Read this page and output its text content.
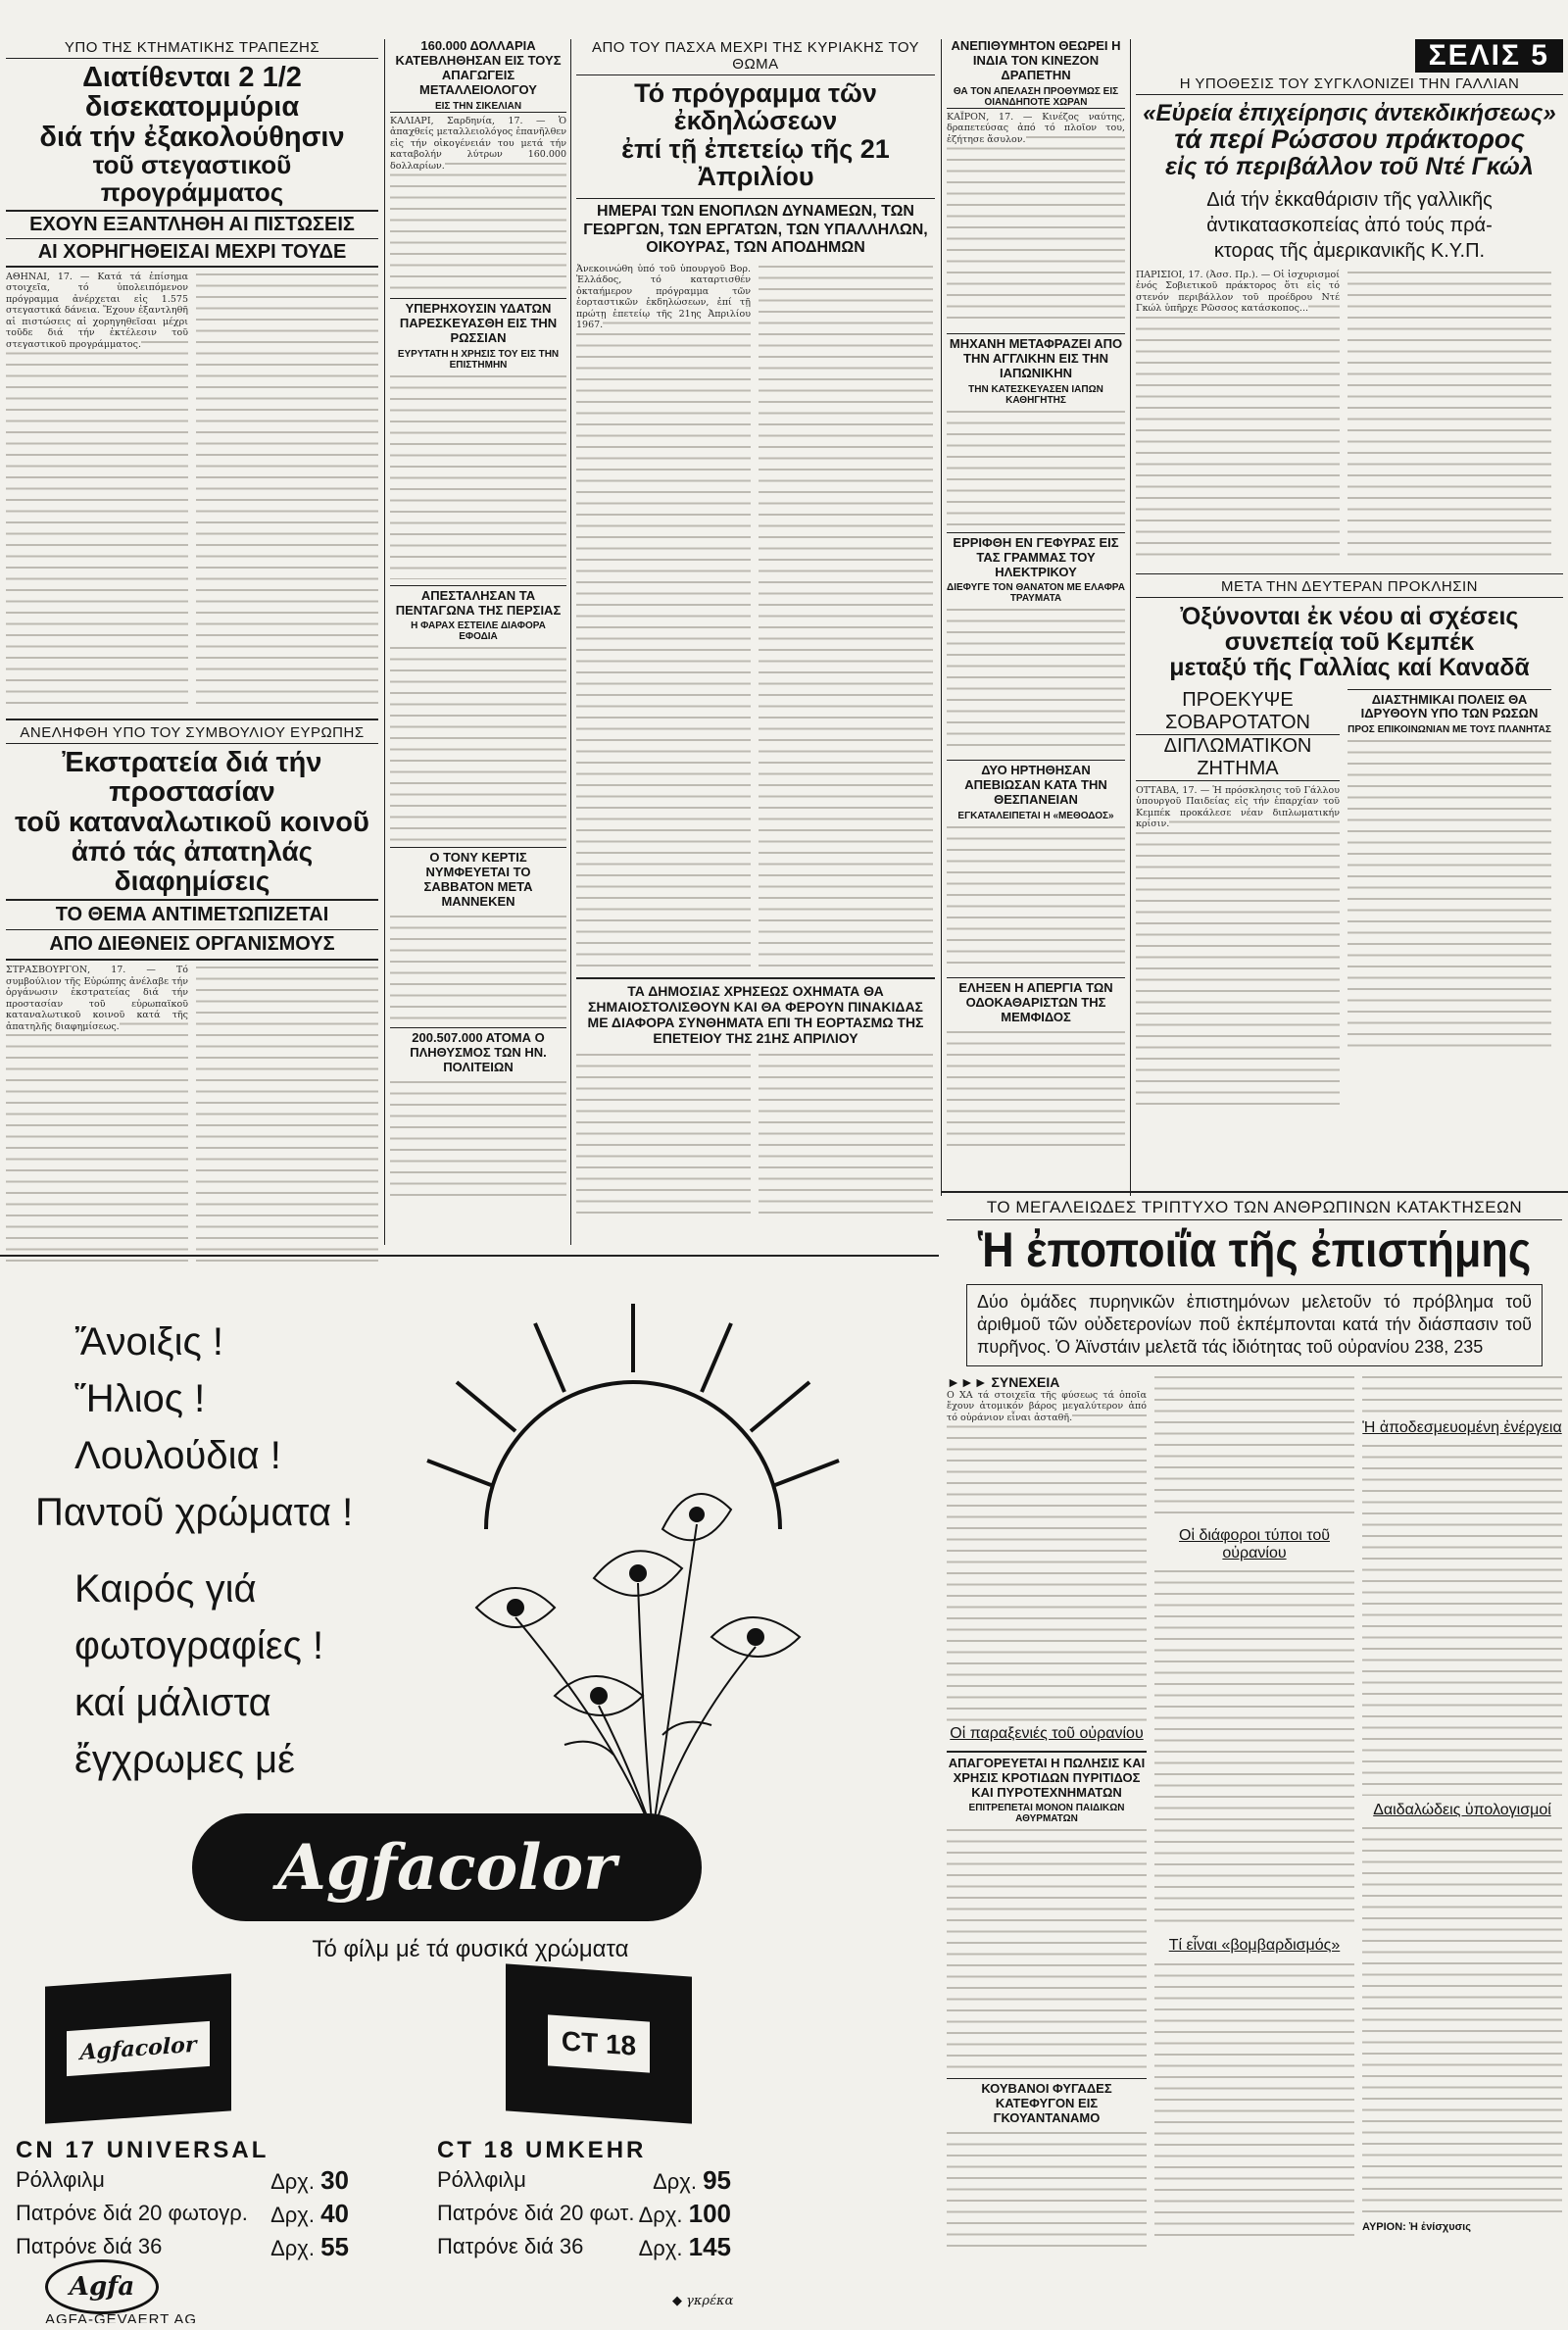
ΥΠΟ ΤΗΣ ΚΤΗΜΑΤΙΚΗΣ ΤΡΑΠΕΖΗΣ
Διατίθενται 2 1/2 δισεκατομμύρια
διά τήν ἐξακολούθησιν
τοῦ στεγαστικοῦ προγράμματος
ΕΧΟΥΝ ΕΞΑΝΤΛΗΘΗ ΑΙ ΠΙΣΤΩΣΕΙΣ
ΑΙ ΧΟΡΗΓΗΘΕΙΣΑΙ ΜΕΧΡΙ ΤΟΥΔΕ
ΑΘΗΝΑΙ, 17. — Κατά τά ἐπίσημα στοιχεῖα, τό ὑπολειπόμενον πρόγραμμα ἀνέρχεται εἰς 1.575 στεγαστικά δάνεια. Ἔχουν ἐξαντληθῆ αἱ πιστώσεις αἱ χορηγηθεῖσαι μέχρι τοῦδε διά τήν ἐκτέλεσιν τοῦ στεγαστικοῦ προγράμματος.
ΑΝΕΛΗΦΘΗ ΥΠΟ ΤΟΥ ΣΥΜΒΟΥΛΙΟΥ ΕΥΡΩΠΗΣ
Ἐκστρατεία διά τήν προστασίαν
τοῦ καταναλωτικοῦ κοινοῦ
ἀπό τάς ἀπατηλάς διαφημίσεις
ΤΟ ΘΕΜΑ ΑΝΤΙΜΕΤΩΠΙΖΕΤΑΙ
ΑΠΟ ΔΙΕΘΝΕΙΣ ΟΡΓΑΝΙΣΜΟΥΣ
ΣΤΡΑΣΒΟΥΡΓΟΝ, 17. — Τό συμβούλιον τῆς Εὐρώπης ἀνέλαβε τήν ὀργάνωσιν ἐκστρατείας διά τήν προστασίαν τοῦ εὐρωπαϊκοῦ καταναλωτικοῦ κοινοῦ κατά τῆς ἀπατηλῆς διαφημίσεως.
160.000 ΔΟΛΛΑΡΙΑ ΚΑΤΕΒΛΗΘΗΣΑΝ ΕΙΣ ΤΟΥΣ ΑΠΑΓΩΓΕΙΣ ΜΕΤΑΛΛΕΙΟΛΟΓΟΥ
ΕΙΣ ΤΗΝ ΣΙΚΕΛΙΑΝ
ΚΑΛΙΑΡΙ, Σαρδηνία, 17. — Ὁ ἀπαχθείς μεταλλειολόγος ἐπανῆλθεν εἰς τήν οἰκογένειάν του μετά τήν καταβολήν λύτρων 160.000 δολλαρίων.
ΥΠΕΡΗΧΟΥΣΙΝ ΥΔΑΤΩΝ ΠΑΡΕΣΚΕΥΑΣΘΗ ΕΙΣ ΤΗΝ ΡΩΣΣΙΑΝ
ΕΥΡΥΤΑΤΗ Η ΧΡΗΣΙΣ ΤΟΥ ΕΙΣ ΤΗΝ ΕΠΙΣΤΗΜΗΝ
ΑΠΕΣΤΑΛΗΣΑΝ ΤΑ ΠΕΝΤΑΓΩΝΑ ΤΗΣ ΠΕΡΣΙΑΣ
Η ΦΑΡΑΧ ΕΣΤΕΙΛΕ ΔΙΑΦΟΡΑ ΕΦΟΔΙΑ
Ο ΤΟΝΥ ΚΕΡΤΙΣ ΝΥΜΦΕΥΕΤΑΙ ΤΟ ΣΑΒΒΑΤΟΝ ΜΕΤΑ ΜΑΝΝΕΚΕΝ
200.507.000 ΑΤΟΜΑ Ο ΠΛΗΘΥΣΜΟΣ ΤΩΝ ΗΝ. ΠΟΛΙΤΕΙΩΝ
ΑΠΟ ΤΟΥ ΠΑΣΧΑ ΜΕΧΡΙ ΤΗΣ ΚΥΡΙΑΚΗΣ ΤΟΥ ΘΩΜΑ
Τό πρόγραμμα τῶν ἐκδηλώσεων
ἐπί τῇ ἐπετείῳ τῆς 21 Ἀπριλίου
ΗΜΕΡΑΙ ΤΩΝ ΕΝΟΠΛΩΝ ΔΥΝΑΜΕΩΝ, ΤΩΝ ΓΕΩΡΓΩΝ, ΤΩΝ ΕΡΓΑΤΩΝ, ΤΩΝ ΥΠΑΛΛΗΛΩΝ, ΟΙΚΟΥΡΑΣ, ΤΩΝ ΑΠΟΔΗΜΩΝ
Ἀνεκοινώθη ὑπό τοῦ ὑπουργοῦ Βορ. Ἑλλάδος, τό καταρτισθέν ὀκταήμερον πρόγραμμα τῶν ἑορταστικῶν ἐκδηλώσεων, ἐπί τῇ πρώτῃ ἐπετείῳ τῆς 21ης Ἀπριλίου 1967.
ΤΑ ΔΗΜΟΣΙΑΣ ΧΡΗΣΕΩΣ ΟΧΗΜΑΤΑ ΘΑ ΣΗΜΑΙΟΣΤΟΛΙΣΘΟΥΝ ΚΑΙ ΘΑ ΦΕΡΟΥΝ ΠΙΝΑΚΙΔΑΣ ΜΕ ΔΙΑΦΟΡΑ ΣΥΝΘΗΜΑΤΑ ΕΠΙ ΤΗ ΕΟΡΤΑΣΜΩ ΤΗΣ ΕΠΕΤΕΙΟΥ ΤΗΣ 21ΗΣ ΑΠΡΙΛΙΟΥ
ΑΝΕΠΙΘΥΜΗΤΟΝ ΘΕΩΡΕΙ Η ΙΝΔΙΑ ΤΟΝ ΚΙΝΕΖΟΝ ΔΡΑΠΕΤΗΝ
ΘΑ ΤΟΝ ΑΠΕΛΑΣΗ ΠΡΟΘΥΜΩΣ ΕΙΣ ΟΙΑΝΔΗΠΟΤΕ ΧΩΡΑΝ
ΚΑΪΡΟΝ, 17. — Κινέζος ναύτης, δραπετεύσας ἀπό τό πλοῖον του, ἐζήτησε ἄσυλον.
ΜΗΧΑΝΗ ΜΕΤΑΦΡΑΖΕΙ ΑΠΟ ΤΗΝ ΑΓΓΛΙΚΗΝ ΕΙΣ ΤΗΝ ΙΑΠΩΝΙΚΗΝ
ΤΗΝ ΚΑΤΕΣΚΕΥΑΣΕΝ ΙΑΠΩΝ ΚΑΘΗΓΗΤΗΣ
ΕΡΡΙΦΘΗ ΕΝ ΓΕΦΥΡΑΣ ΕΙΣ ΤΑΣ ΓΡΑΜΜΑΣ ΤΟΥ ΗΛΕΚΤΡΙΚΟΥ
ΔΙΕΦΥΓΕ ΤΟΝ ΘΑΝΑΤΟΝ ΜΕ ΕΛΑΦΡΑ ΤΡΑΥΜΑΤΑ
ΔΥΟ ΗΡΤΗΘΗΣΑΝ ΑΠΕΒΙΩΣΑΝ ΚΑΤΑ ΤΗΝ ΘΕΣΠΑΝΕΙΑΝ
ΕΓΚΑΤΑΛΕΙΠΕΤΑΙ Η «ΜΕΘΟΔΟΣ»
ΕΛΗΞΕΝ Η ΑΠΕΡΓΙΑ ΤΩΝ ΟΔΟΚΑΘΑΡΙΣΤΩΝ ΤΗΣ ΜΕΜΦΙΔΟΣ
ΣΕΛΙΣ 5
Η ΥΠΟΘΕΣΙΣ ΤΟΥ ΣΥΓΚΛΟΝΙΖΕΙ ΤΗΝ ΓΑΛΛΙΑΝ
«Εὐρεία ἐπιχείρησις ἀντεκδικήσεως»
τά περί Ρώσσου πράκτορος
εἰς τό περιβάλλον τοῦ Ντέ Γκώλ
Διά τήν ἐκκαθάρισιν τῆς γαλλικῆς
ἀντικατασκοπείας ἀπό τούς πρά-
κτορας τῆς ἀμερικανικῆς Κ.Υ.Π.
ΠΑΡΙΣΙΟΙ, 17. (Ἀσσ. Πρ.). — Οἱ ἰσχυρισμοί ἑνός Σοβιετικοῦ πράκτορος ὅτι εἰς τό στενόν περιβάλλον τοῦ προέδρου Ντέ Γκώλ ὑπῆρχε Ρῶσσος κατάσκοπος...
ΜΕΤΑ ΤΗΝ ΔΕΥΤΕΡΑΝ ΠΡΟΚΛΗΣΙΝ
Ὀξύνονται ἐκ νέου αἱ σχέσεις
συνεπείᾳ τοῦ Κεμπέκ
μεταξύ τῆς Γαλλίας καί Καναδᾶ
ΠΡΟΕΚΥΨΕ ΣΟΒΑΡΟΤΑΤΟΝ
ΔΙΠΛΩΜΑΤΙΚΟΝ ΖΗΤΗΜΑ
ΟΤΤΑΒΑ, 17. — Ἡ πρόσκλησις τοῦ Γάλλου ὑπουργοῦ Παιδείας εἰς τήν ἐπαρχίαν τοῦ Κεμπέκ προκάλεσε νέαν διπλωματικήν κρίσιν.
ΔΙΑΣΤΗΜΙΚΑΙ ΠΟΛΕΙΣ ΘΑ ΙΔΡΥΘΟΥΝ ΥΠΟ ΤΩΝ ΡΩΣΩΝ
ΠΡΟΣ ΕΠΙΚΟΙΝΩΝΙΑΝ ΜΕ ΤΟΥΣ ΠΛΑΝΗΤΑΣ
ΤΟ ΜΕΓΑΛΕΙΩΔΕΣ ΤΡΙΠΤΥΧΟ ΤΩΝ ΑΝΘΡΩΠΙΝΩΝ ΚΑΤΑΚΤΗΣΕΩΝ
Ἡ ἐποποιΐα τῆς ἐπιστήμης
Δύο ὁμάδες πυρηνικῶν ἐπιστημόνων μελετοῦν τό πρόβλημα τοῦ ἀριθμοῦ τῶν οὐδετερονίων ποῦ ἐκπέμπονται κατά τήν διάσπασιν τοῦ πυρῆνος. Ὁ Ἀϊνστάιν μελετᾶ τάς ἰδιότητας τοῦ οὐρανίου 238, 235
►►► ΣΥΝΕΧΕΙΑ
Ο ΧΑ τά στοιχεῖα τῆς φύσεως τά ὁποῖα ἔχουν ἀτομικόν βάρος μεγαλύτερον ἀπό τό οὐράνιον εἶναι ἀσταθῆ.
ΑΠΑΓΟΡΕΥΕΤΑΙ Η ΠΩΛΗΣΙΣ ΚΑΙ ΧΡΗΣΙΣ ΚΡΟΤΙΔΩΝ ΠΥΡΙΤΙΔΟΣ ΚΑΙ ΠΥΡΟΤΕΧΝΗΜΑΤΩΝ
ΕΠΙΤΡΕΠΕΤΑΙ ΜΟΝΟΝ ΠΑΙΔΙΚΩΝ ΑΘΥΡΜΑΤΩΝ
ΚΟΥΒΑΝΟΙ ΦΥΓΑΔΕΣ ΚΑΤΕΦΥΓΟΝ ΕΙΣ ΓΚΟΥΑΝΤΑΝΑΜΟ
Οἱ διάφοροι τύποι τοῦ οὐρανίου
Τί εἶναι «βομβαρδισμός»
Ἡ ἀποδεσμευομένη ἐνέργεια
Δαιδαλώδεις ὑπολογισμοί
ΑΥΡΙΟΝ: Ἡ ἐνίσχυσις
Οἱ παραξενιές τοῦ οὐρανίου
Ἄνοιξις !
Ἥλιος !
Λουλούδια !
Παντοῦ χρώματα !
Καιρός γιά
φωτογραφίες !
καί μάλιστα
ἔγχρωμες μέ
Agfacolor
Τό φίλμ μέ τά φυσικά χρώματα
Agfacolor	CT 18
CN 17 UNIVERSAL
Ρόλλφιλμ	Δρχ. 30
Πατρόνε διά 20 φωτογρ. Δρχ. 40
Πατρόνε διά 36	Δρχ. 55
CT 18 UMKEHR
Ρόλλφιλμ	Δρχ. 95
Πατρόνε διά 20 φωτ. Δρχ. 100
Πατρόνε διά 36	Δρχ. 145
Agfa
AGFA-GEVAERT AG
◆ γκρέκα
